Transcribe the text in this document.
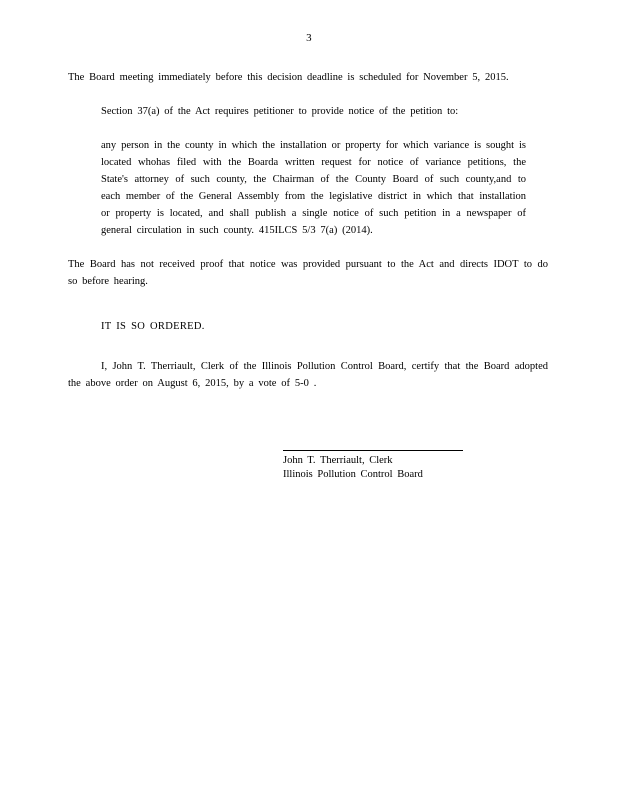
3

The Board meeting immediately before this decision deadline is scheduled for November 5, 2015.

Section 37(a) of the Act requires petitioner to provide notice of the petition to:

any person in the county in which the installation or property for which variance is sought is located whohas filed with the Boarda written request for notice of variance petitions, the State's attorney of such county, the Chairman of the County Board of such county,and to each member of the General Assembly from the legislative district in which that installation or property is located, and shall publish a single notice of such petition in a newspaper of general circulation in such county. 415ILCS 5/3 7(a) (2014).

The Board has not received proof that notice was provided pursuant to the Act and directs IDOT to do so before hearing.

IT IS SO ORDERED.

I, John T. Therriault, Clerk of the Illinois Pollution Control Board, certify that the Board adopted the above order on August 6, 2015, by a vote of 5-0 .

John T. Therriault, Clerk
Illinois Pollution Control Board
